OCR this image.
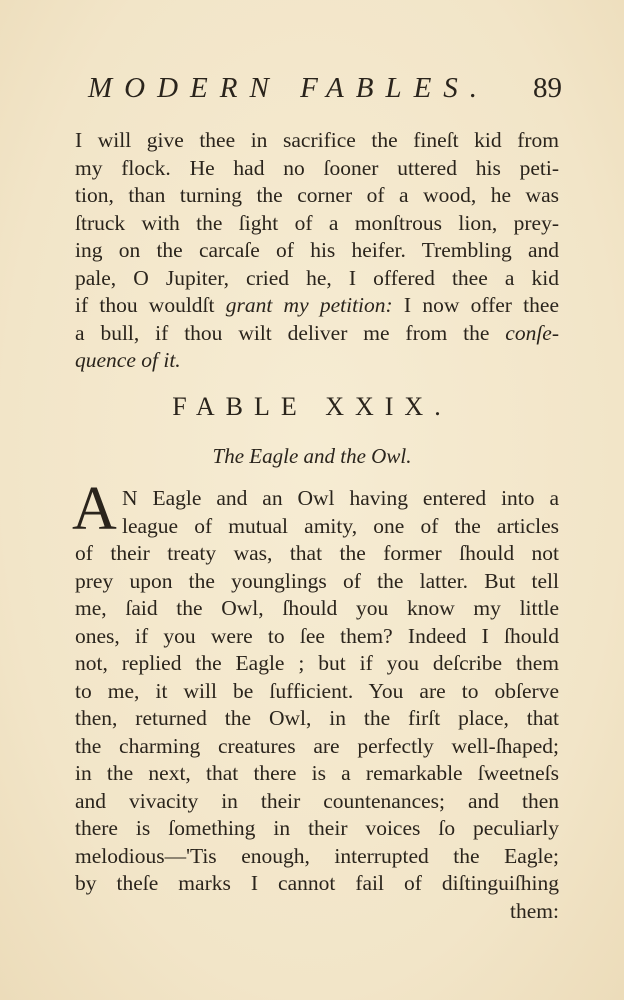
MODERN FABLES. 89
I will give thee in sacrifice the fineſt kid from
my flock. He had no ſooner uttered his peti-
tion, than turning the corner of a wood, he was
ſtruck with the ſight of a monſtrous lion, prey-
ing on the carcaſe of his heifer. Trembling and
pale, O Jupiter, cried he, I offered thee a kid
if thou wouldſt grant my petition: I now offer thee
a bull, if thou wilt deliver me from the conſe-
quence of it.
FABLE XXIX.
The Eagle and the Owl.
A N Eagle and an Owl having entered into a
league of mutual amity, one of the articles
of their treaty was, that the former ſhould not
prey upon the younglings of the latter. But tell
me, ſaid the Owl, ſhould you know my little
ones, if you were to ſee them? Indeed I ſhould
not, replied the Eagle ; but if you deſcribe them
to me, it will be ſufficient. You are to obſerve
then, returned the Owl, in the firſt place, that
the charming creatures are perfectly well-ſhaped;
in the next, that there is a remarkable ſweetneſs
and vivacity in their countenances; and then
there is ſomething in their voices ſo peculiarly
melodious—'Tis enough, interrupted the Eagle;
by theſe marks I cannot fail of diſtinguiſhing
them:
